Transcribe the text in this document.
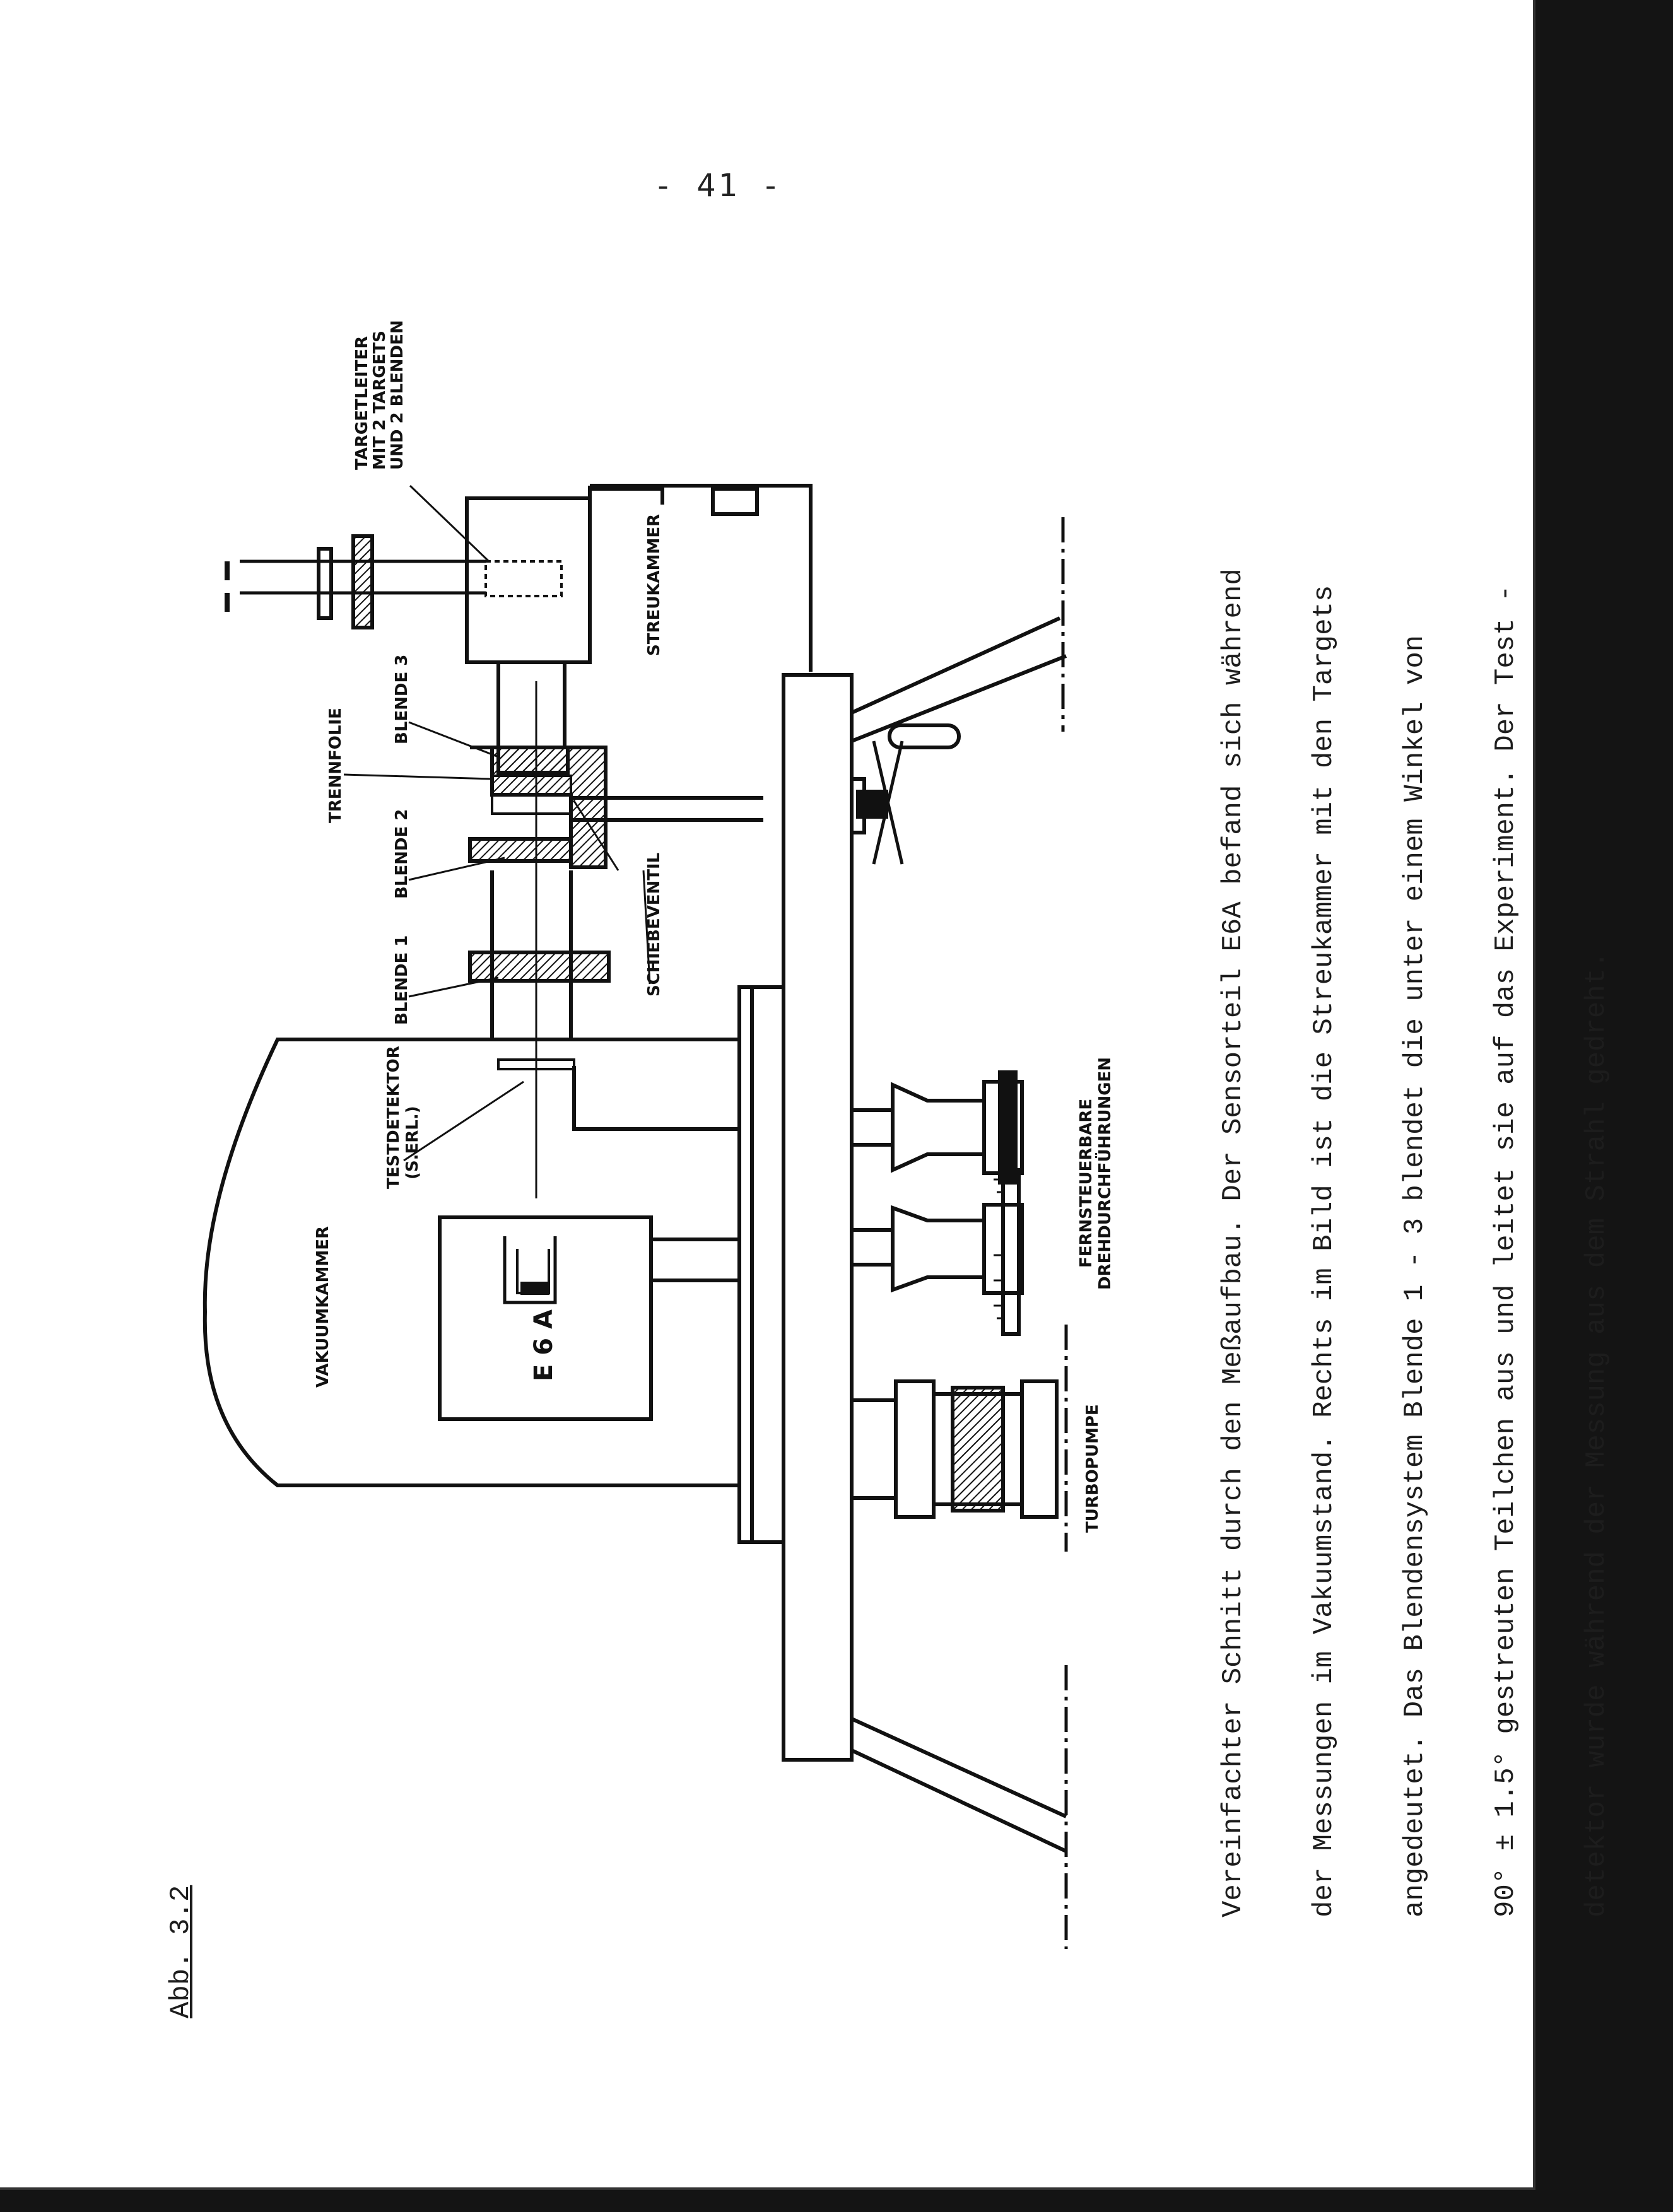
- 41 -
TARGETLEITER
MIT 2 TARGETS
UND 2 BLENDEN
STREUKAMMER
BLENDE 3
TRENNFOLIE
BLENDE 2	SCHIEBEVENTIL
BLENDE 1
TESTDETEKTOR (S.ERL.)
VAKUUMKAMMER	E 6 A
FERNSTEUERBARE DREHDURCHFÜHRUNGEN
TURBOPUMPE

	Vereinfachter Schnitt durch den Meßaufbau. Der Sensorteil E6A befand sich während

der Messungen im Vakuumstand. Rechts im Bild ist die Streukammer mit den Targets

angedeutet. Das Blendensystem Blende 1 - 3 blendet die unter einem Winkel von

90° ± 1.5° gestreuten Teilchen aus und leitet sie auf das Experiment. Der Test -

detektor wurde während der Messung aus dem Strahl gedreht.

Abb. 3.2
